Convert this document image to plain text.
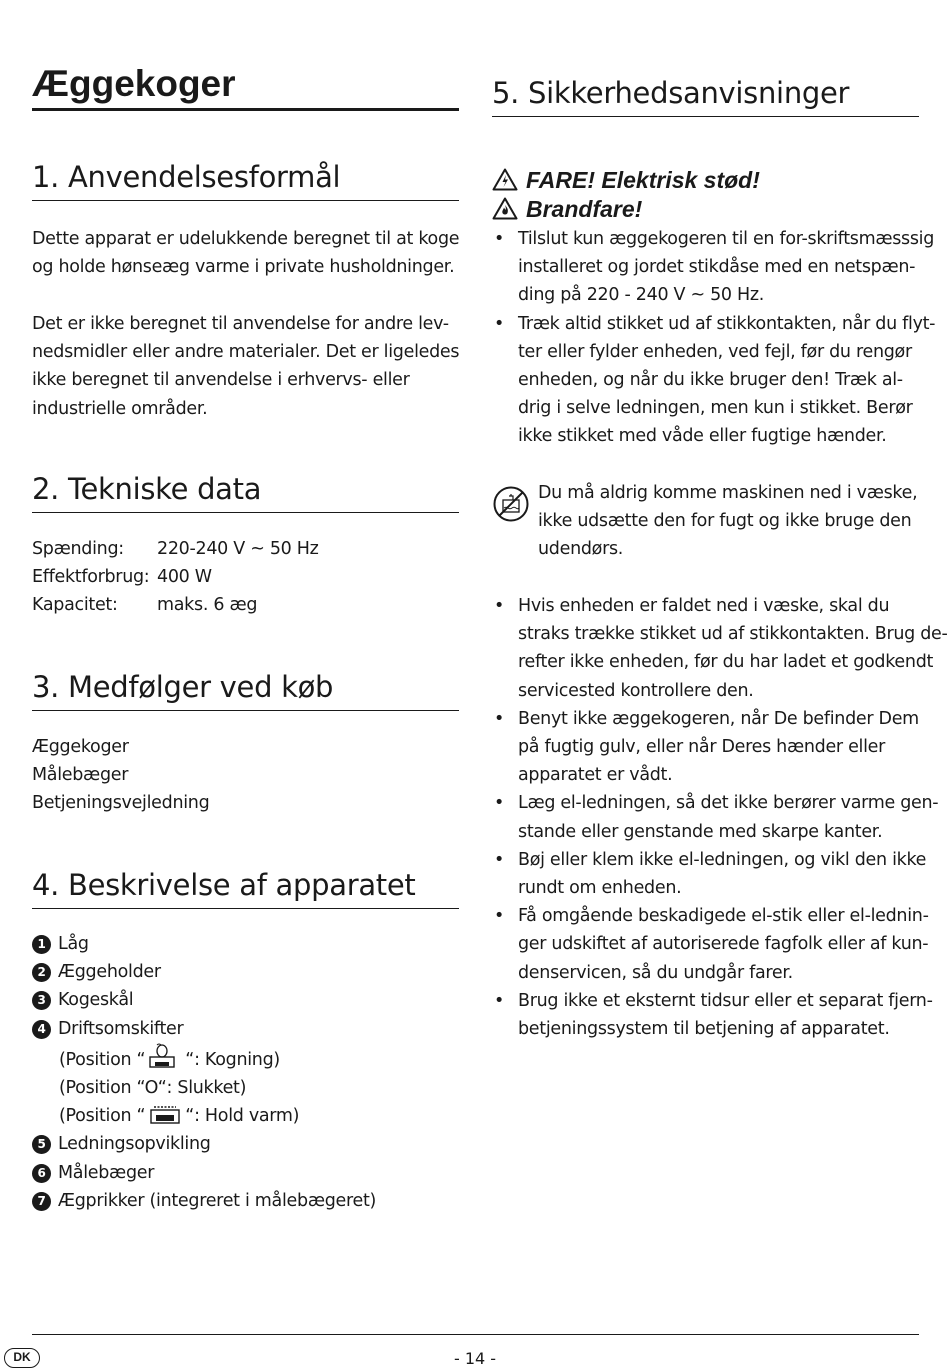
Æggekoger
1. Anvendelsesformål

Dette apparat er udelukkende beregnet til at koge
og holde hønseæg varme i private husholdninger.

Det er ikke beregnet til anvendelse for andre lev-
nedsmidler eller andre materialer. Det er ligeledes
ikke beregnet til anvendelse i erhvervs- eller
industrielle områder.

2. Tekniske data
Spænding: 220-240 V ~ 50 Hz
Effektforbrug: 400 W
Kapacitet: maks. 6 æg
3. Medfølger ved køb
Æggekoger
Målebæger
Betjeningsvejledning
4. Beskrivelse af apparatet
1 Låg
2 Æggeholder
3 Kogeskål
4 Driftsomskifter
(Position “ “: Kogning)
(Position “O“: Slukket)
(Position “ “: Hold varm)
5 Ledningsopvikling
6 Målebæger
7 Ægprikker (integreret i målebægeret)
5. Sikkerhedsanvisninger
FARE! Elektrisk stød!
Brandfare!
• Tilslut kun æggekogeren til en for-skriftsmæsssig
installeret og jordet stikdåse med en netspæn-
ding på 220 - 240 V ~ 50 Hz.
• Træk altid stikket ud af stikkontakten, når du flyt-
ter eller fylder enheden, ved fejl, før du rengør
enheden, og når du ikke bruger den! Træk al-
drig i selve ledningen, men kun i stikket. Berør
ikke stikket med våde eller fugtige hænder.
Du må aldrig komme maskinen ned i væske,
ikke udsætte den for fugt og ikke bruge den
udendørs.
• Hvis enheden er faldet ned i væske, skal du
straks trække stikket ud af stikkontakten. Brug de-
refter ikke enheden, før du har ladet et godkendt
servicested kontrollere den.
• Benyt ikke æggekogeren, når De befinder Dem
på fugtig gulv, eller når Deres hænder eller
apparatet er vådt.
• Læg el-ledningen, så det ikke berører varme gen-
stande eller genstande med skarpe kanter.
• Bøj eller klem ikke el-ledningen, og vikl den ikke
rundt om enheden.
• Få omgående beskadigede el-stik eller el-lednin-
ger udskiftet af autoriserede fagfolk eller af kun-
denservicen, så du undgår farer.
• Brug ikke et eksternt tidsur eller et separat fjern-
betjeningssystem til betjening af apparatet.
DK	- 14 -
